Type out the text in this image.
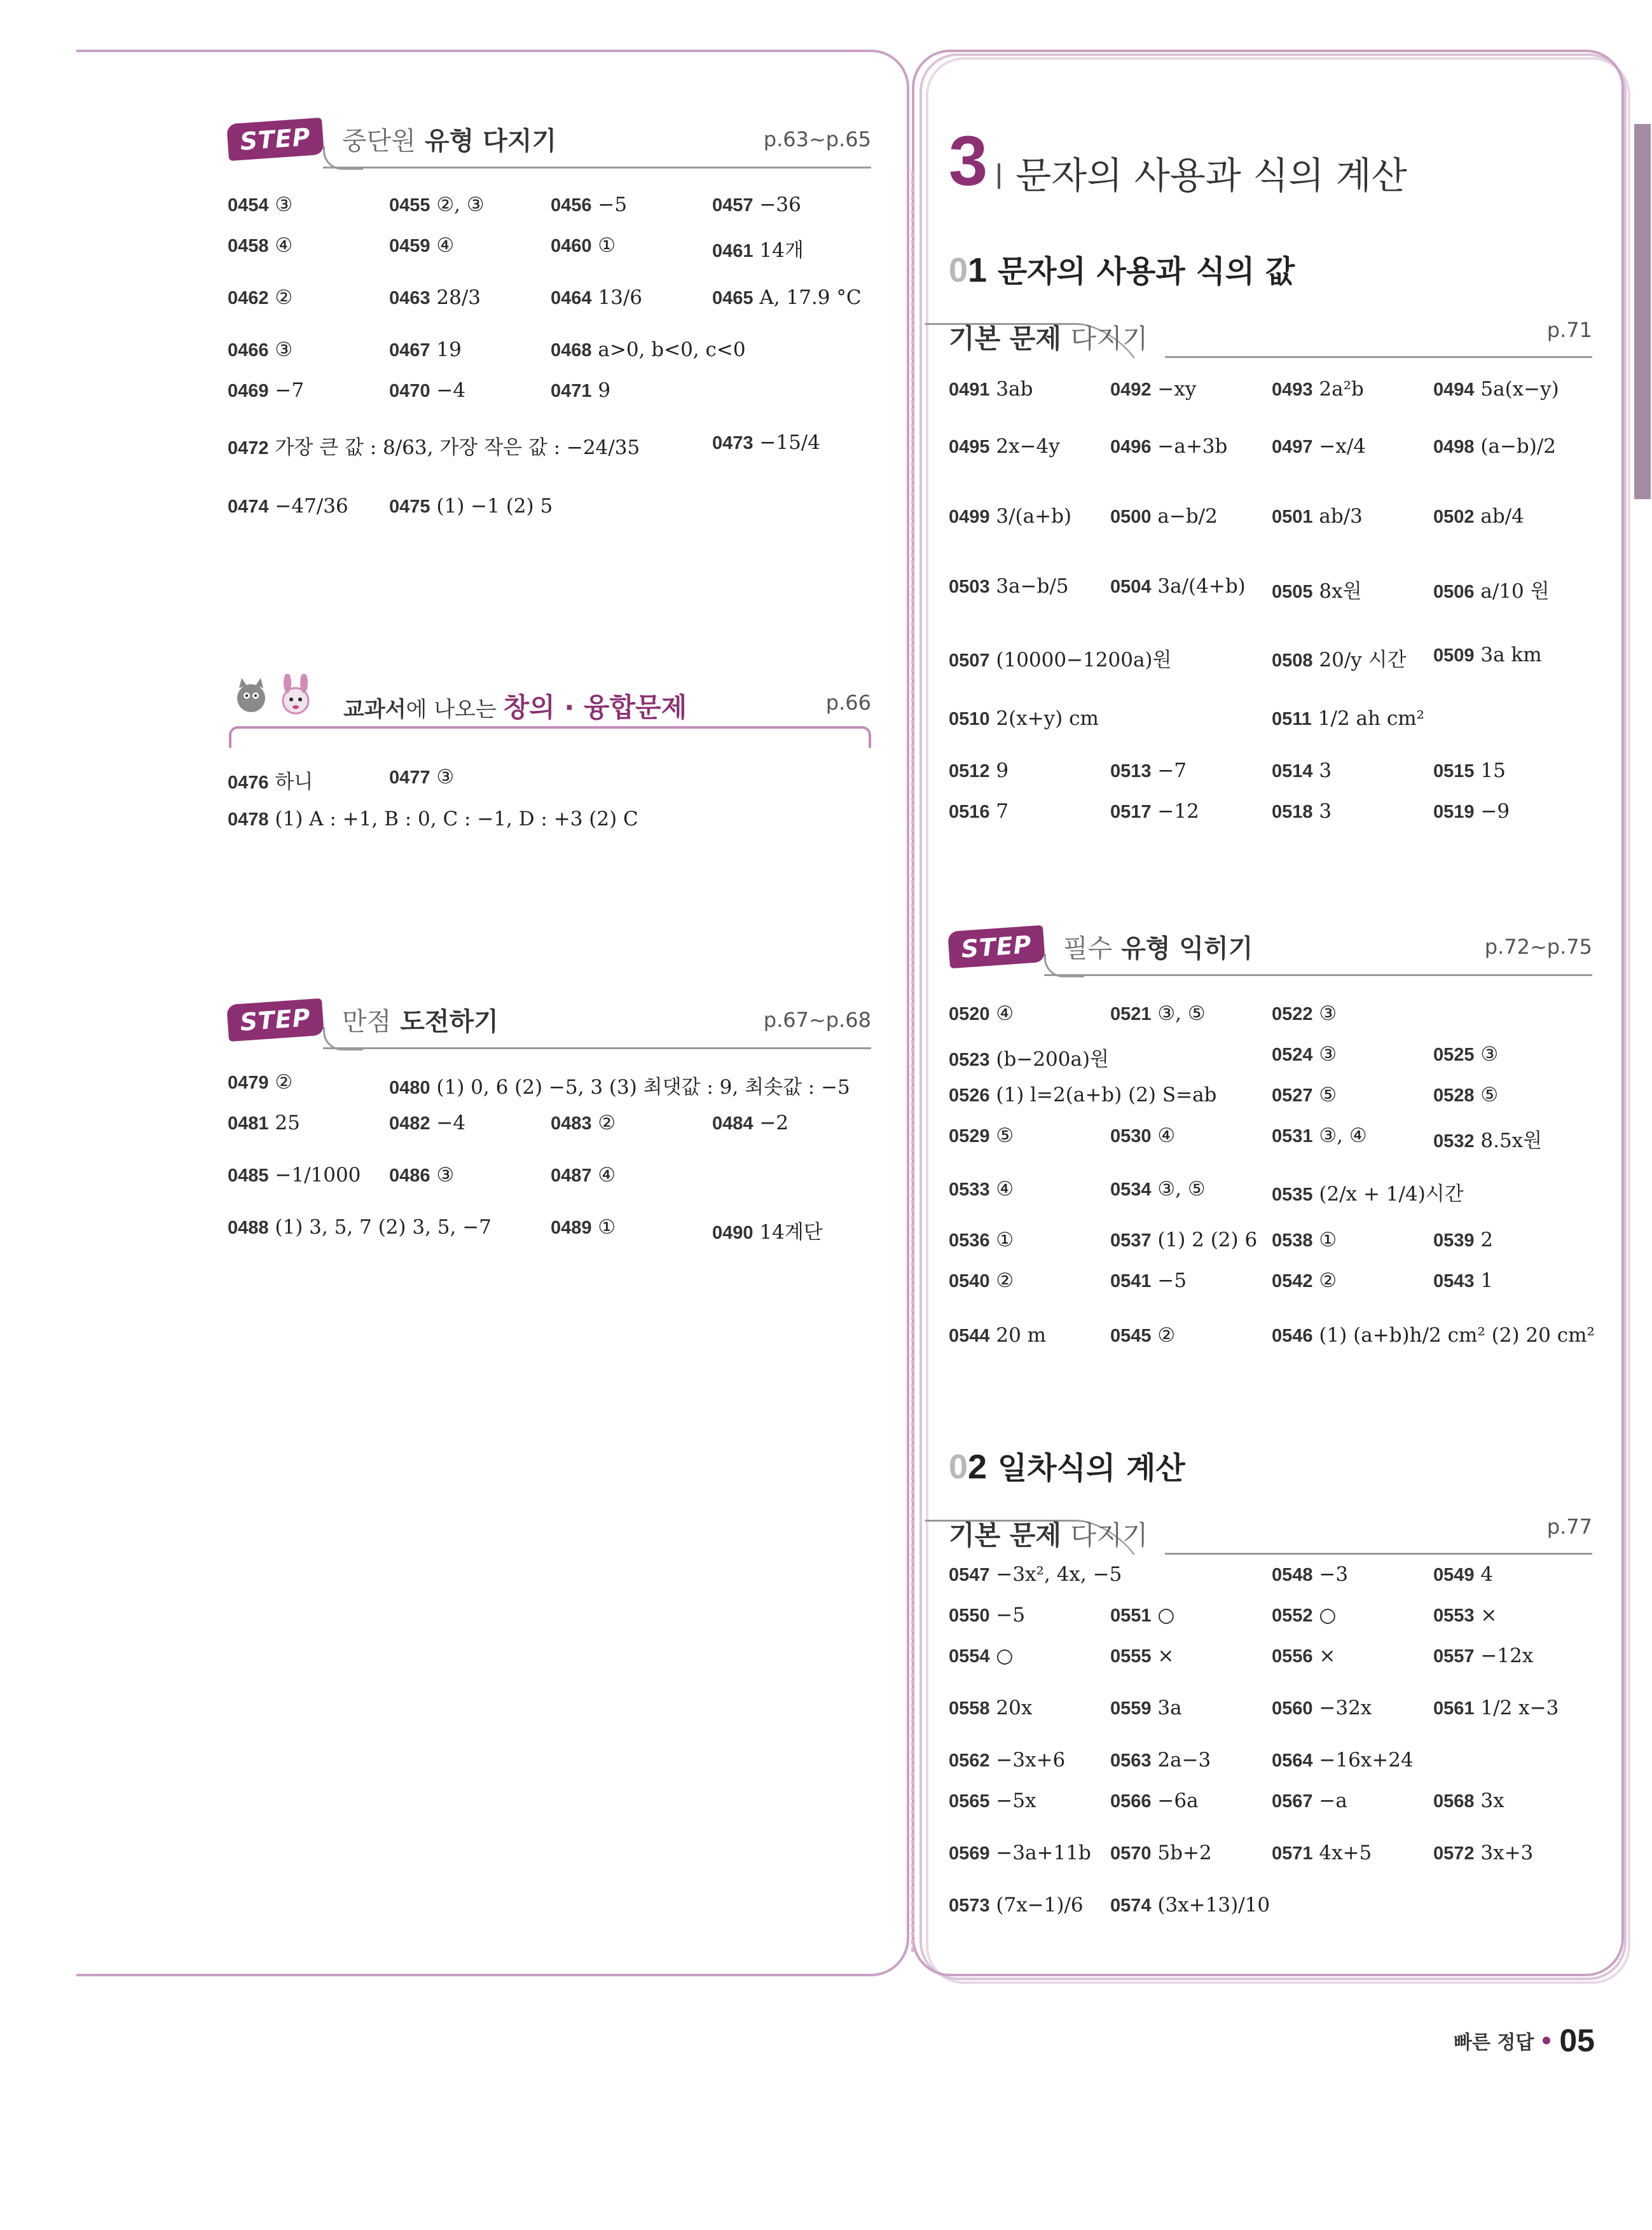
STEP 2
중단원 유형 다지기	p.63~p.65
0454 ③	0455 ②, ③	0456 −5	0457 −36
0458 ④	0459 ④	0460 ①	0461 14개
0462 ②	0463 28/3	0464 13/6	0465 A, 17.9 °C
0466 ③	0467 19	0468 a>0, b<0, c<0
0469 −7	0470 −4	0471 9
0472 가장 큰 값 : 8/63, 가장 작은 값 : −24/35	0473 −15/4
0474 −47/36 0475 (1) −1 (2) 5
0476 하니	0477 ③
0478 (1) A : +1, B : 0, C : −1, D : +3 (2) C
0479 ②	0480 (1) 0, 6 (2) −5, 3 (3) 최댓값 : 9, 최솟값 : −5
0481 25	0482 −4	0483 ②	0484 −2
0485 −1/1000 0486 ③	0487 ④
0488 (1) 3, 5, 7 (2) 3, 5, −7	0489 ①	0490 14계단
교과서에 나오는 창의 · 융합문제	p.66
STEP 3
만점 도전하기	p.67~p.68
3 문자의 사용과 식의 계산
01 문자의 사용과 식의 값
기본 문제 다지기	p.71
STEP 1
필수 유형 익히기	p.72~p.75
02 일차식의 계산
기본 문제 다지기	p.77
0491 3ab	0492 −xy	0493 2a²b	0494 5a(x−y)
0495 2x−4y	0496 −a+3b 0497 −x/4	0498 (a−b)/2
0499 3/(a+b) 0500 a−b/2	0501 ab/3	0502 ab/4
0503 3a−b/5 0504 3a/(4+b) 0505 8x원	0506 a/10 원
0507 (10000−1200a)원	0508 20/y 시간 0509 3a km
0510 2(x+y) cm	0511 1/2 ah cm²
0512 9	0513 −7	0514 3	0515 15
0516 7	0517 −12	0518 3	0519 −9
0520 ④	0521 ③, ⑤	0522 ③
0523 (b−200a)원	0524 ③	0525 ③
0526 (1) l=2(a+b) (2) S=ab	0527 ⑤	0528 ⑤
0529 ⑤	0530 ④	0531 ③, ④	0532 8.5x원
0533 ④	0534 ③, ⑤	0535 (2/x + 1/4)시간
0536 ①	0537 (1) 2 (2) 6 0538 ①	0539 2
0540 ②	0541 −5	0542 ②	0543 1
0544 20 m	0545 ②	0546 (1) (a+b)h/2 cm² (2) 20 cm²
0547 −3x², 4x, −5	0548 −3	0549 4
0550 −5	0551 ○	0552 ○	0553 ×
0554 ○	0555 ×	0556 ×	0557 −12x
0558 20x	0559 3a	0560 −32x	0561 1/2 x−3
0562 −3x+6 0563 2a−3	0564 −16x+24
0565 −5x	0566 −6a	0567 −a	0568 3x
0569 −3a+11b 0570 5b+2	0571 4x+5	0572 3x+3
0573 (7x−1)/6 0574 (3x+13)/10
빠른 정답 05
